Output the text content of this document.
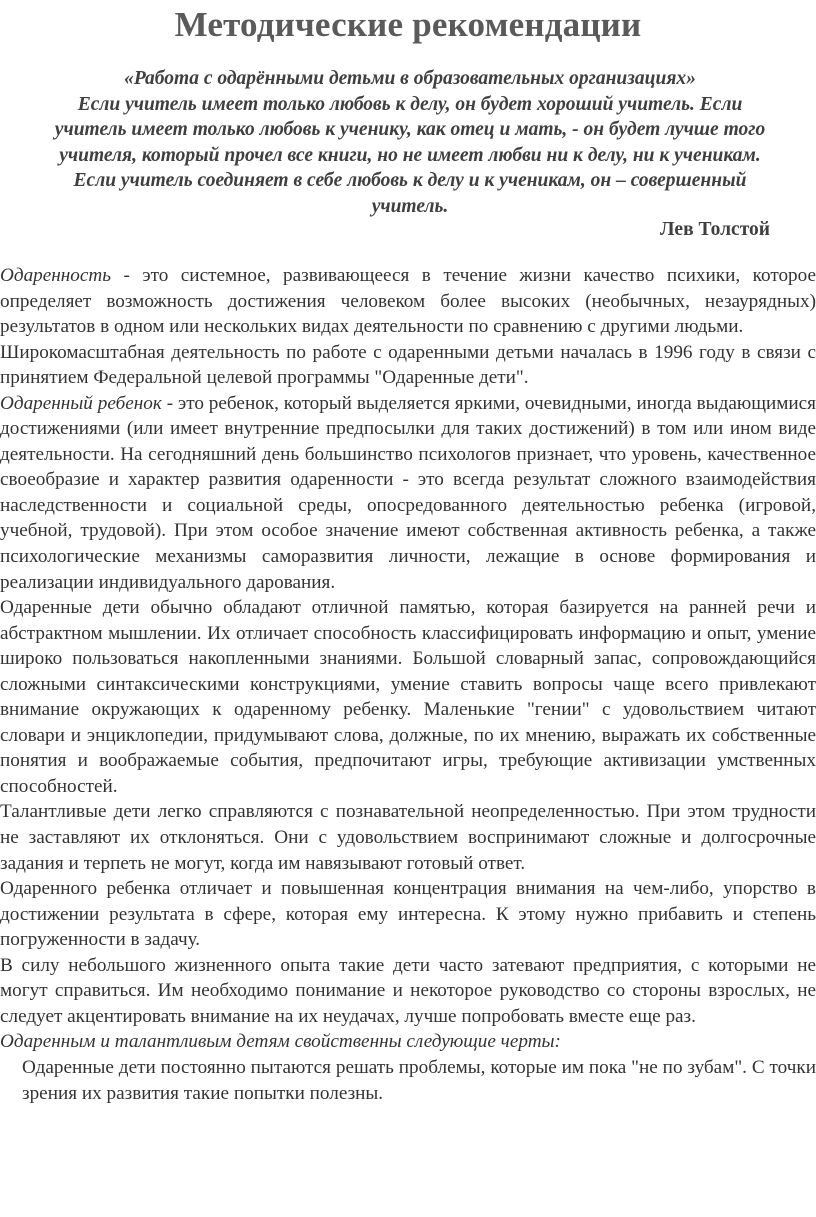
Методические рекомендации

«Работа с одарёнными детьми в образовательных организациях»

Если учитель имеет только любовь к делу, он будет хороший учитель. Если учитель имеет только любовь к ученику, как отец и мать, - он будет лучше того учителя, который прочел все книги, но не имеет любви ни к делу, ни к ученикам. Если учитель соединяет в себе любовь к делу и к ученикам, он – совершенный учитель.

Лев Толстой

Одаренность - это системное, развивающееся в течение жизни качество психики, которое определяет возможность достижения человеком более высоких (необычных, незаурядных) результатов в одном или нескольких видах деятельности по сравнению с другими людьми.

Широкомасштабная деятельность по работе с одаренными детьми началась в 1996 году в связи с принятием Федеральной целевой программы "Одаренные дети".

Одаренный ребенок - это ребенок, который выделяется яркими, очевидными, иногда выдающимися достижениями (или имеет внутренние предпосылки для таких достижений) в том или ином виде деятельности. На сегодняшний день большинство психологов признает, что уровень, качественное своеобразие и характер развития одаренности - это всегда результат сложного взаимодействия наследственности и социальной среды, опосредованного деятельностью ребенка (игровой, учебной, трудовой). При этом особое значение имеют собственная активность ребенка, а также психологические механизмы саморазвития личности, лежащие в основе формирования и реализации индивидуального дарования.

Одаренные дети обычно обладают отличной памятью, которая базируется на ранней речи и абстрактном мышлении. Их отличает способность классифицировать информацию и опыт, умение широко пользоваться накопленными знаниями. Большой словарный запас, сопровождающийся сложными синтаксическими конструкциями, умение ставить вопросы чаще всего привлекают внимание окружающих к одаренному ребенку. Маленькие "гении" с удовольствием читают словари и энциклопедии, придумывают слова, должные, по их мнению, выражать их собственные понятия и воображаемые события, предпочитают игры, требующие активизации умственных способностей.

Талантливые дети легко справляются с познавательной неопределенностью. При этом трудности не заставляют их отклоняться. Они с удовольствием воспринимают сложные и долгосрочные задания и терпеть не могут, когда им навязывают готовый ответ.

Одаренного ребенка отличает и повышенная концентрация внимания на чем-либо, упорство в достижении результата в сфере, которая ему интересна. К этому нужно прибавить и степень погруженности в задачу.

В силу небольшого жизненного опыта такие дети часто затевают предприятия, с которыми не могут справиться. Им необходимо понимание и некоторое руководство со стороны взрослых, не следует акцентировать внимание на их неудачах, лучше попробовать вместе еще раз.

Одаренным и талантливым детям свойственны следующие черты:

Одаренные дети постоянно пытаются решать проблемы, которые им пока "не по зубам". С точки зрения их развития такие попытки полезны.
